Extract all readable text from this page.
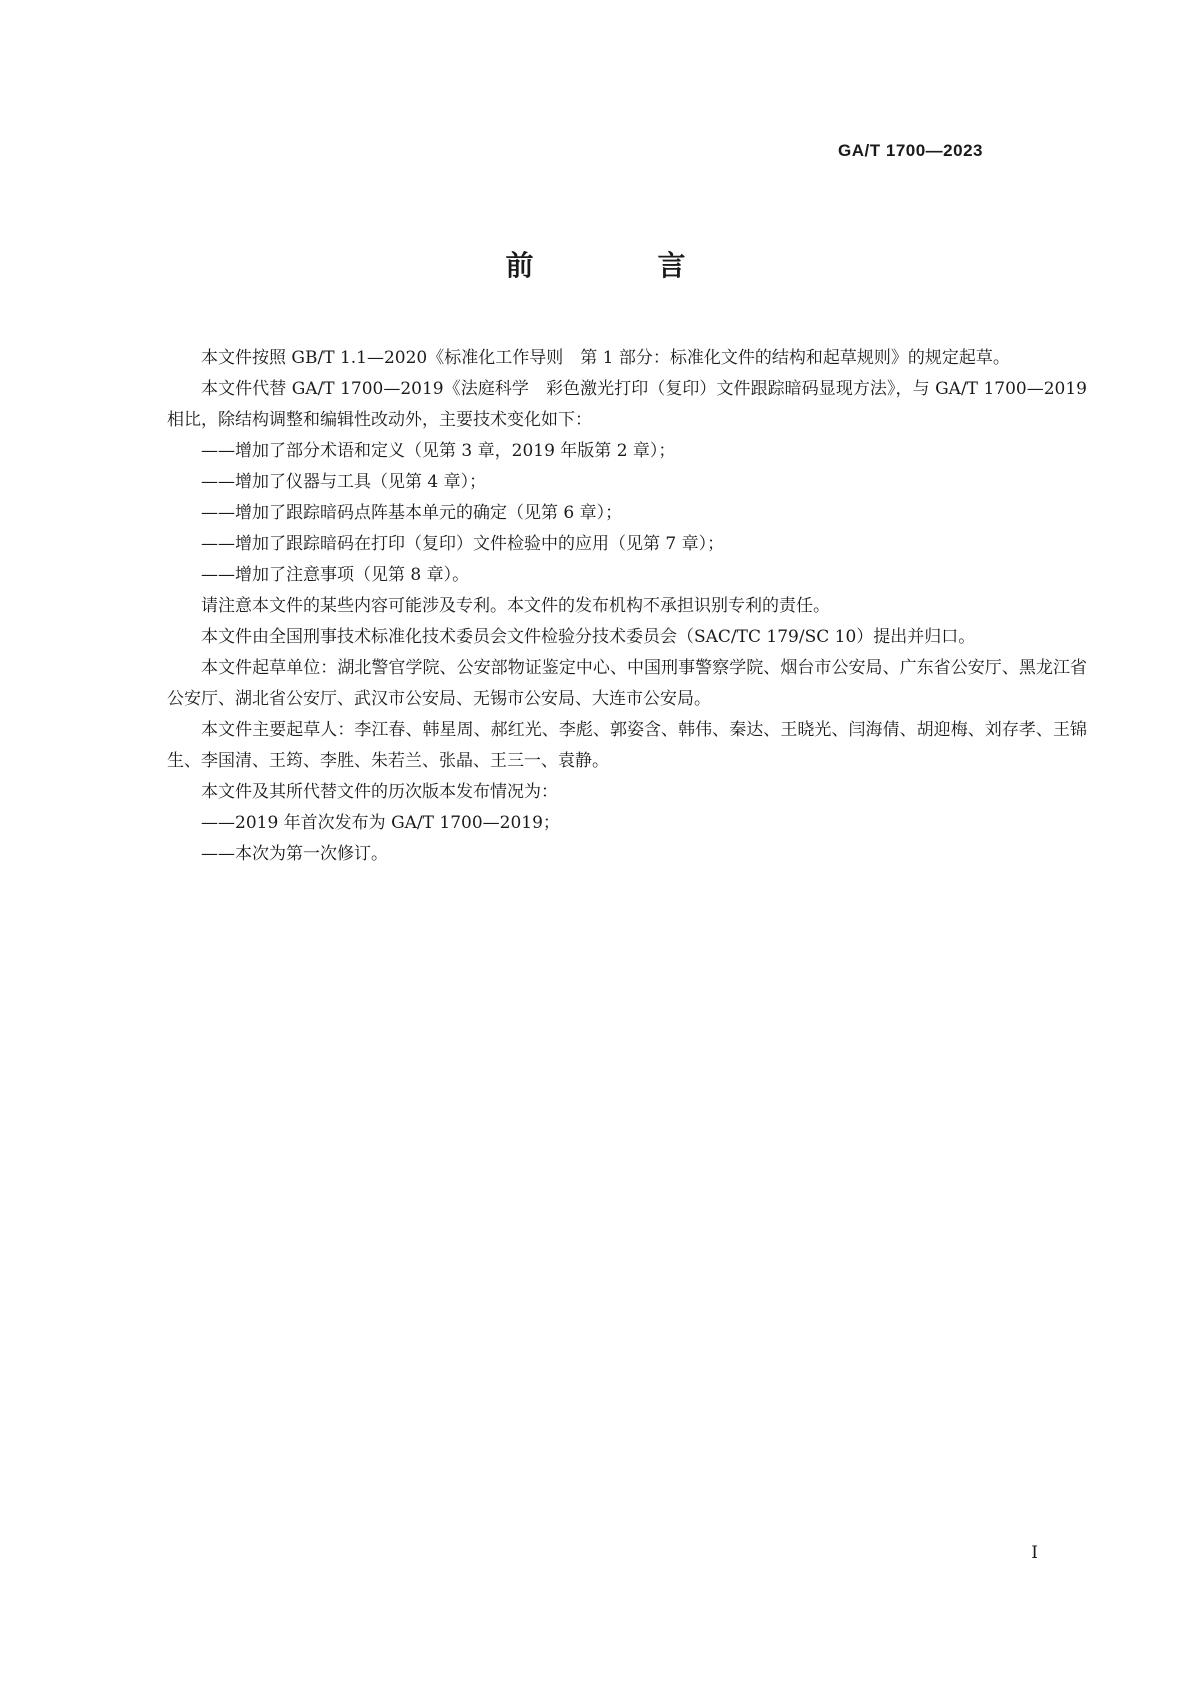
GA/T 1700—2023
前　言

本文件按照 GB/T 1.1—2020《标准化工作导则　第 1 部分：标准化文件的结构和起草规则》的规定起草。

本文件代替 GA/T 1700—2019《法庭科学　彩色激光打印（复印）文件跟踪暗码显现方法》，与 GA/T 1700—2019 相比，除结构调整和编辑性改动外，主要技术变化如下：

——增加了部分术语和定义（见第 3 章，2019 年版第 2 章）；

——增加了仪器与工具（见第 4 章）；

——增加了跟踪暗码点阵基本单元的确定（见第 6 章）；

——增加了跟踪暗码在打印（复印）文件检验中的应用（见第 7 章）；

——增加了注意事项（见第 8 章）。

请注意本文件的某些内容可能涉及专利。本文件的发布机构不承担识别专利的责任。

本文件由全国刑事技术标准化技术委员会文件检验分技术委员会（SAC/TC 179/SC 10）提出并归口。

本文件起草单位：湖北警官学院、公安部物证鉴定中心、中国刑事警察学院、烟台市公安局、广东省公安厅、黑龙江省公安厅、湖北省公安厅、武汉市公安局、无锡市公安局、大连市公安局。

本文件主要起草人：李江春、韩星周、郝红光、李彪、郭姿含、韩伟、秦达、王晓光、闫海倩、胡迎梅、刘存孝、王锦生、李国清、王筠、李胜、朱若兰、张晶、王三一、袁静。

本文件及其所代替文件的历次版本发布情况为：

——2019 年首次发布为 GA/T 1700—2019；

——本次为第一次修订。

I
